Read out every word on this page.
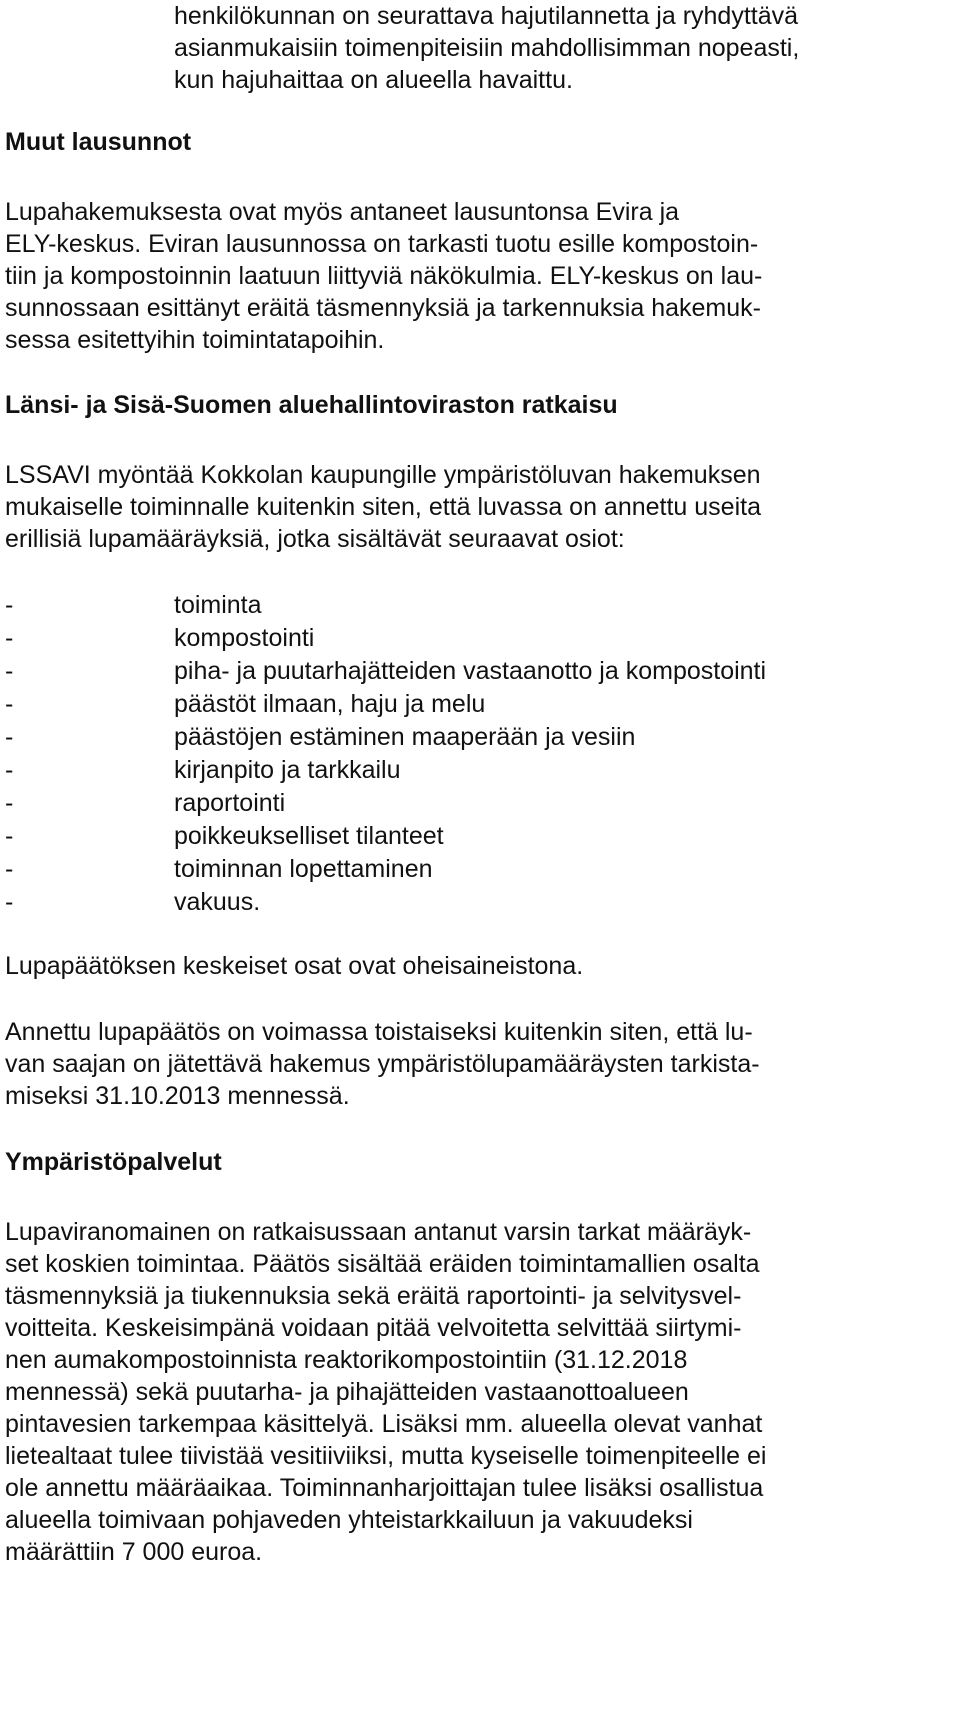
henkilökunnan on seurattava hajutilannetta ja ryhdyttävä
asianmukaisiin toimenpiteisiin mahdollisimman nopeasti,
kun hajuhaittaa on alueella havaittu.
Muut lausunnot
Lupahakemuksesta ovat myös antaneet lausuntonsa Evira ja
ELY-keskus. Eviran lausunnossa on tarkasti tuotu esille kompostoin-
tiin ja kompostoinnin laatuun liittyviä näkökulmia. ELY-keskus on lau-
sunnossaan esittänyt eräitä täsmennyksiä ja tarkennuksia hakemuk-
sessa esitettyihin toimintatapoihin.
Länsi- ja Sisä-Suomen aluehallintoviraston ratkaisu
LSSAVI myöntää Kokkolan kaupungille ympäristöluvan hakemuksen
mukaiselle toiminnalle kuitenkin siten, että luvassa on annettu useita
erillisiä lupamääräyksiä, jotka sisältävät seuraavat osiot:
-	toiminta
-	kompostointi
-	piha- ja puutarhajätteiden vastaanotto ja kompostointi
-	päästöt ilmaan, haju ja melu
-	päästöjen estäminen maaperään ja vesiin
-	kirjanpito ja tarkkailu
-	raportointi
-	poikkeukselliset tilanteet
-	toiminnan lopettaminen
-	vakuus.
Lupapäätöksen keskeiset osat ovat oheisaineistona.
Annettu lupapäätös on voimassa toistaiseksi kuitenkin siten, että lu-
van saajan on jätettävä hakemus ympäristölupamääräysten tarkista-
miseksi 31.10.2013 mennessä.
Ympäristöpalvelut
Lupaviranomainen on ratkaisussaan antanut varsin tarkat määräyk-
set koskien toimintaa. Päätös sisältää eräiden toimintamallien osalta
täsmennyksiä ja tiukennuksia sekä eräitä raportointi- ja selvitysvel-
voitteita. Keskeisimpänä voidaan pitää velvoitetta selvittää siirtymi-
nen aumakompostoinnista reaktorikompostointiin (31.12.2018
mennessä) sekä puutarha- ja pihajätteiden vastaanottoalueen
pintavesien tarkempaa käsittelyä. Lisäksi mm. alueella olevat vanhat
lietealtaat tulee tiivistää vesitiiviiksi, mutta kyseiselle toimenpiteelle ei
ole annettu määräaikaa. Toiminnanharjoittajan tulee lisäksi osallistua
alueella toimivaan pohjaveden yhteistarkkailuun ja vakuudeksi
määrättiin 7 000 euroa.
